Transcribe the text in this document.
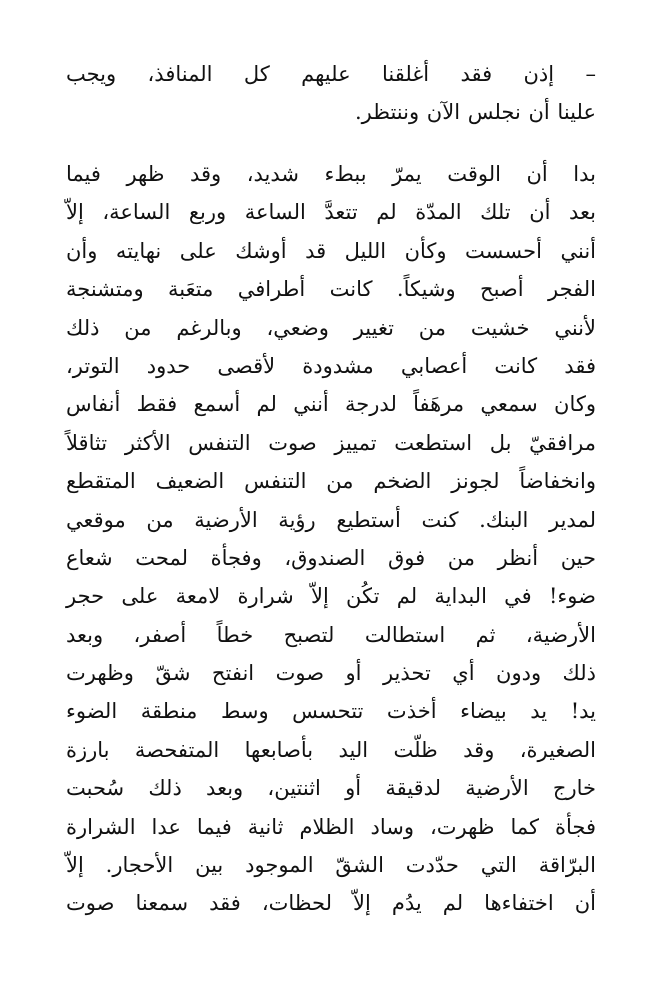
– إذن فقد أغلقنا عليهم كل المنافذ، ويجب
علينا أن نجلس الآن وننتظر.
بدا أن الوقت يمرّ ببطء شديد، وقد ظهر فيما
بعد أن تلك المدّة لم تتعدَّ الساعة وربع الساعة، إلاّ
أنني أحسست وكأن الليل قد أوشك على نهايته وأن
الفجر أصبح وشيكاً. كانت أطرافي متعَبة ومتشنجة
لأنني خشيت من تغيير وضعي، وبالرغم من ذلك
فقد كانت أعصابي مشدودة لأقصى حدود التوتر،
وكان سمعي مرهَفاً لدرجة أنني لم أسمع فقط أنفاس
مرافقيّ بل استطعت تمييز صوت التنفس الأكثر تثاقلاً
وانخفاضاً لجونز الضخم من التنفس الضعيف المتقطع
لمدير البنك. كنت أستطيع رؤية الأرضية من موقعي
حين أنظر من فوق الصندوق، وفجأة لمحت شعاع
ضوء! في البداية لم تكُن إلاّ شرارة لامعة على حجر
الأرضية، ثم استطالت لتصبح خطاً أصفر، وبعد
ذلك ودون أي تحذير أو صوت انفتح شقّ وظهرت
يد! يد بيضاء أخذت تتحسس وسط منطقة الضوء
الصغيرة، وقد ظلّت اليد بأصابعها المتفحصة بارزة
خارج الأرضية لدقيقة أو اثنتين، وبعد ذلك سُحبت
فجأة كما ظهرت، وساد الظلام ثانية فيما عدا الشرارة
البرّاقة التي حدّدت الشقّ الموجود بين الأحجار. إلاّ
أن اختفاءها لم يدُم إلاّ لحظات، فقد سمعنا صوت
